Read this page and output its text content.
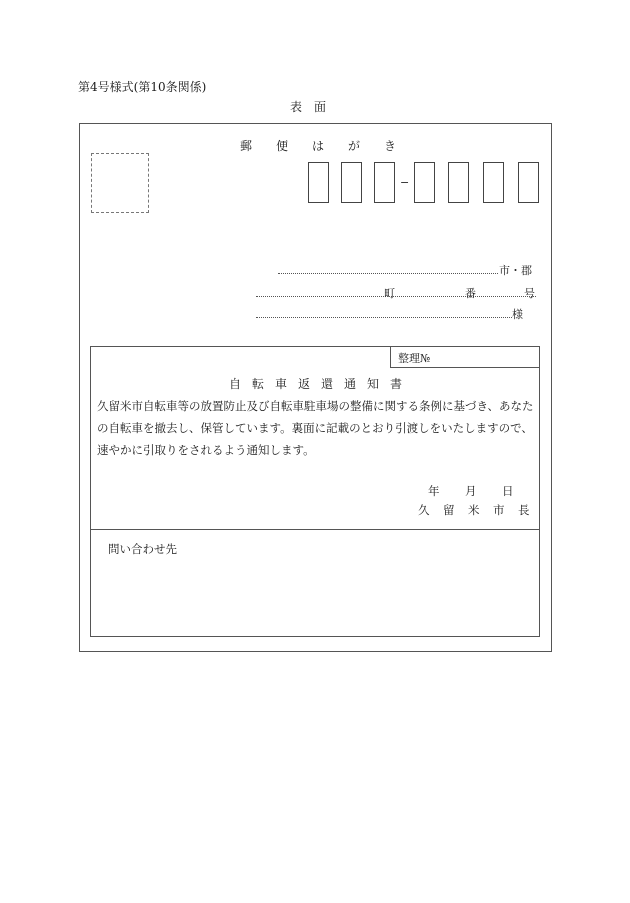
第4号様式(第10条関係)
表　面
郵	便	は	が	き
−
市・郡
町	番	号
様
整理№
自 転 車 返 還 通 知 書
久留米市自転車等の放置防止及び自転車駐車場の整備に関する条例に基づき、あなた
の自転車を撤去し、保管しています。裏面に記載のとおり引渡しをいたしますので、
速やかに引取りをされるよう通知します。
年	月	日
久	留	米	市	長
問い合わせ先
